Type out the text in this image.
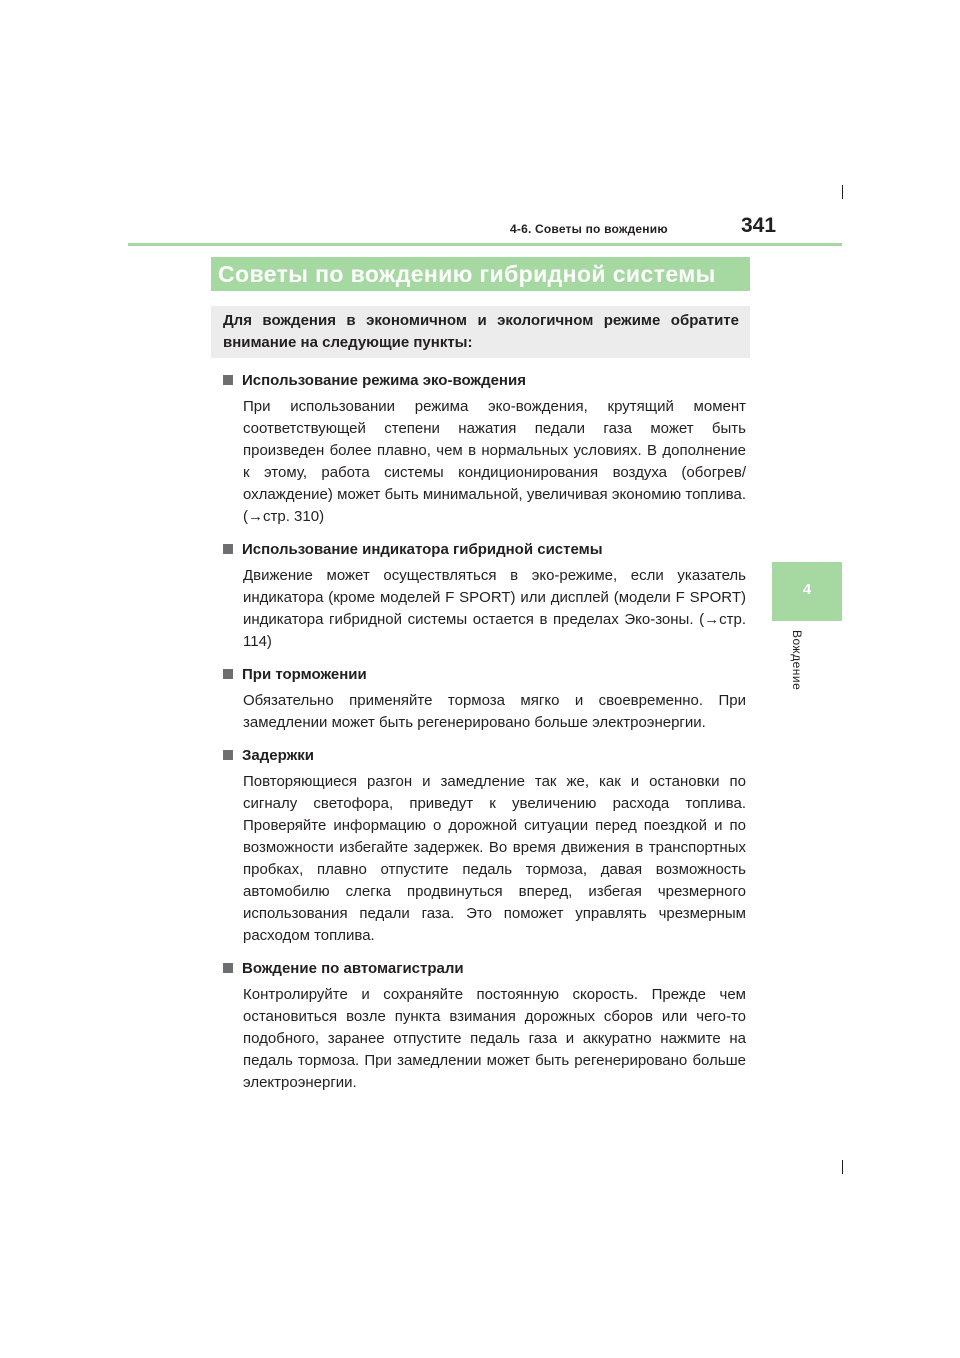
4-6. Советы по вождению	341
Советы по вождению гибридной системы
Для вождения в экономичном и экологичном режиме обратите внимание на следующие пункты:
Использование режима эко-вождения
При использовании режима эко-вождения, крутящий момент соответствующей степени нажатия педали газа может быть произведен более плавно, чем в нормальных условиях. В дополнение к этому, работа системы кондиционирования воздуха (обогрев/охлаждение) может быть минимальной, увеличивая экономию топлива. (→стр. 310)
Использование индикатора гибридной системы
Движение может осуществляться в эко-режиме, если указатель индикатора (кроме моделей F SPORT) или дисплей (модели F SPORT) индикатора гибридной системы остается в пределах Эко-зоны. (→стр. 114)
При торможении
Обязательно применяйте тормоза мягко и своевременно. При замедлении может быть регенерировано больше электроэнергии.
Задержки
Повторяющиеся разгон и замедление так же, как и остановки по сигналу светофора, приведут к увеличению расхода топлива. Проверяйте информацию о дорожной ситуации перед поездкой и по возможности избегайте задержек. Во время движения в транспортных пробках, плавно отпустите педаль тормоза, давая возможность автомобилю слегка продвинуться вперед, избегая чрезмерного использования педали газа. Это поможет управлять чрезмерным расходом топлива.
Вождение по автомагистрали
Контролируйте и сохраняйте постоянную скорость. Прежде чем остановиться возле пункта взимания дорожных сборов или чего-то подобного, заранее отпустите педаль газа и аккуратно нажмите на педаль тормоза. При замедлении может быть регенерировано больше электроэнергии.
4
Вождение
